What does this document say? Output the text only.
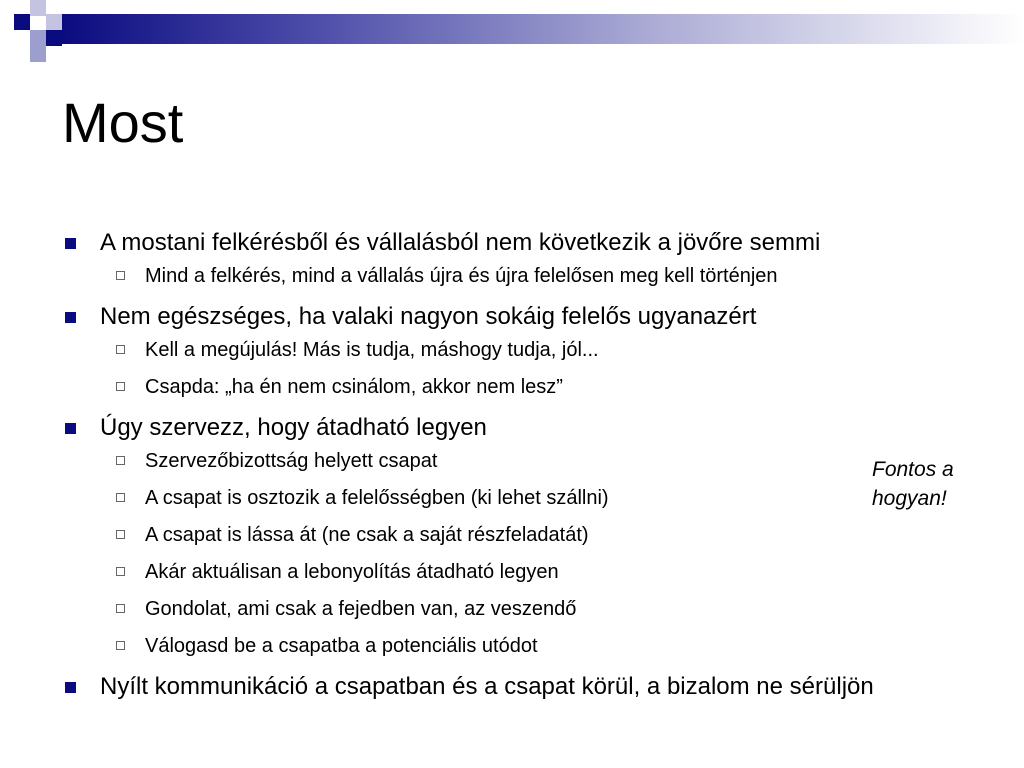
Most
A mostani felkérésből és vállalásból nem következik a jövőre semmi
Mind a felkérés, mind a vállalás újra és újra felelősen meg kell történjen
Nem egészséges, ha valaki nagyon sokáig felelős ugyanazért
Kell a megújulás! Más is tudja, máshogy tudja, jól...
Csapda: „ha én nem csinálom, akkor nem lesz”
Úgy szervezz, hogy átadható legyen
Szervezőbizottság helyett csapat
A csapat is osztozik a felelősségben (ki lehet szállni)
A csapat is lássa át (ne csak a saját részfeladatát)
Akár aktuálisan a lebonyolítás átadható legyen
Gondolat, ami csak a fejedben van, az veszendő
Válogasd be a csapatba a potenciális utódot
Nyílt kommunikáció a csapatban és a csapat körül, a bizalom ne sérüljön
Fontos a hogyan!
